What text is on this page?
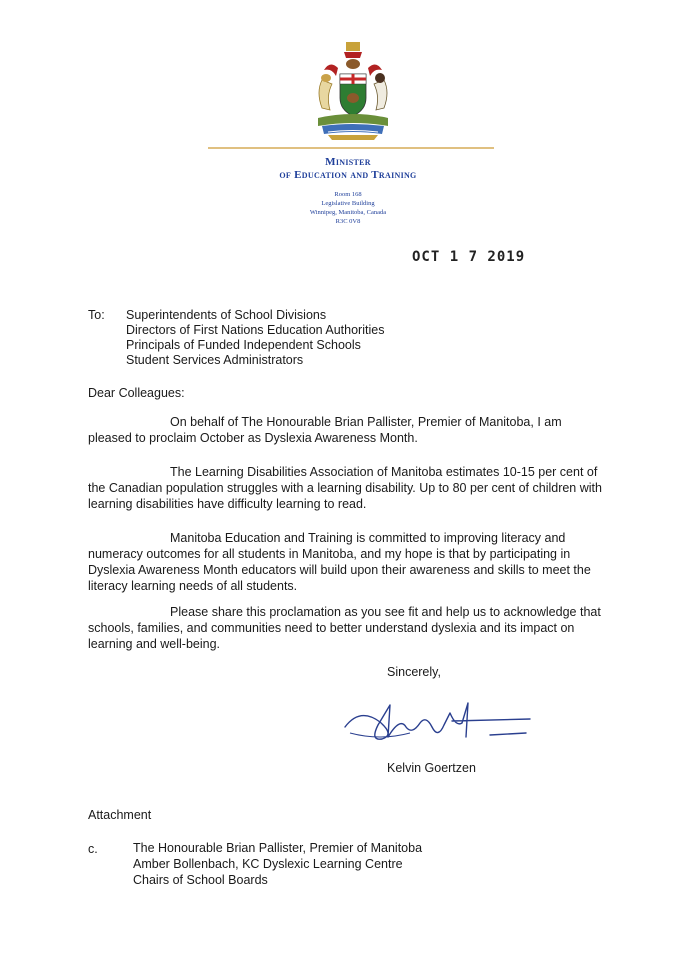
Minister
of Education and Training
Room 168
Legislative Building
Winnipeg, Manitoba, Canada
R3C 0V8
OCT 1 7 2019
To: Superintendents of School Divisions
Directors of First Nations Education Authorities
Principals of Funded Independent Schools
Student Services Administrators
Dear Colleagues:
On behalf of The Honourable Brian Pallister, Premier of Manitoba, I am pleased to proclaim October as Dyslexia Awareness Month.
The Learning Disabilities Association of Manitoba estimates 10-15 per cent of the Canadian population struggles with a learning disability. Up to 80 per cent of children with learning disabilities have difficulty learning to read.
Manitoba Education and Training is committed to improving literacy and numeracy outcomes for all students in Manitoba, and my hope is that by participating in Dyslexia Awareness Month educators will build upon their awareness and skills to meet the literacy learning needs of all students.
Please share this proclamation as you see fit and help us to acknowledge that schools, families, and communities need to better understand dyslexia and its impact on learning and well-being.
Sincerely,
Kelvin Goertzen
Attachment
c.	The Honourable Brian Pallister, Premier of Manitoba
Amber Bollenbach, KC Dyslexic Learning Centre
Chairs of School Boards
